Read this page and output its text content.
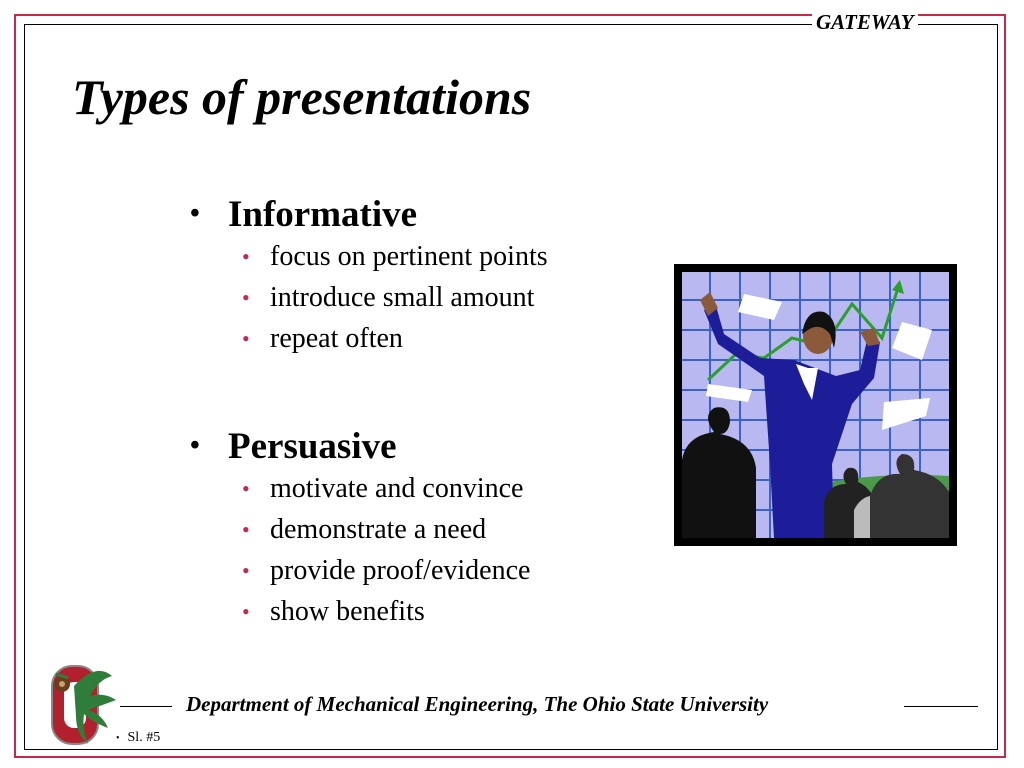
GATEWAY
Types of presentations
• Informative
• focus on pertinent points
• introduce small amount
• repeat often
• Persuasive
• motivate and convince
• demonstrate a need
• provide proof/evidence
• show benefits
Department of Mechanical Engineering, The Ohio State University
• Sl. #5
